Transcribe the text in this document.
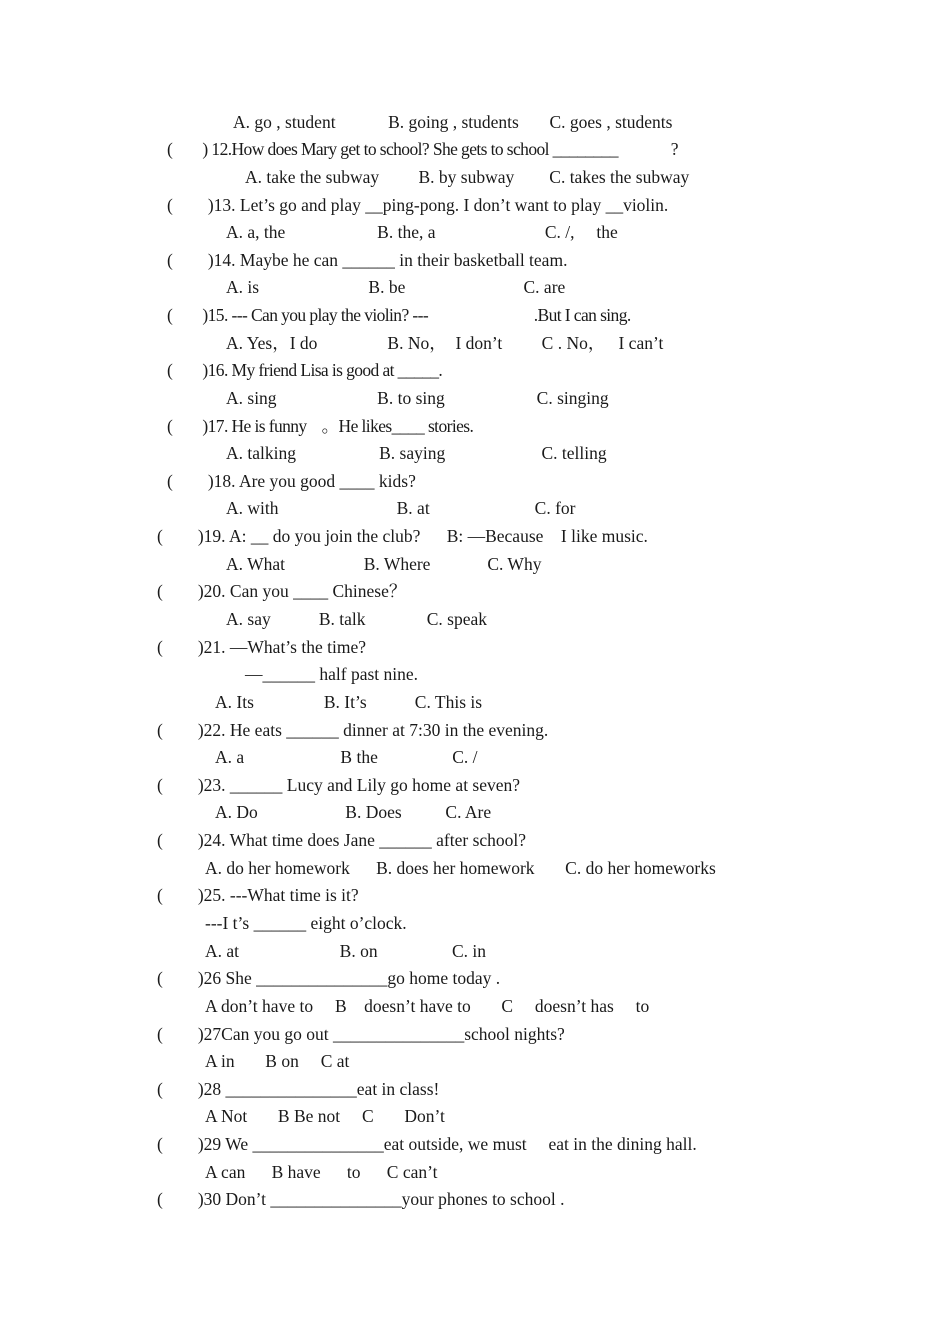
A. go , student            B. going , students       C. goes , students
(        ) 12.How does Mary get to school? She gets to school ________              ?
A. take the subway         B. by subway        C. takes the subway
(        )13. Let’s go and play __ping-pong. I don’t want to play __violin.
A. a, the                     B. the, a                         C. /,     the
(        )14. Maybe he can ______ in their basketball team.
A. is                         B. be                           C. are
(        )15. --- Can you play the violin? ---                            .But I can sing.
A. Yes，I do                B. No，  I don’t         C . No，   I can’t
(        )16. My friend Lisa is good at _____.
A. sing                       B. to sing                     C. singing
(        )17. He is funny    。He likes____ stories.
A. talking                   B. saying                      C. telling
(        )18. Are you good ____ kids?
A. with                           B. at                        C. for
(        )19. A: __ do you join the club?      B: —Because    I like music.
A. What                  B. Where             C. Why
(        )20. Can you ____ Chinese？
A. say           B. talk              C. speak
(        )21. —What’s the time?
—______ half past nine.
A. Its                B. It’s           C. This is
(        )22. He eats ______ dinner at 7:30 in the evening.
A. a                      B the                 C. /
(        )23. ______ Lucy and Lily go home at seven?
A. Do                    B. Does          C. Are
(        )24. What time does Jane ______ after school?
A. do her homework      B. does her homework       C. do her homeworks
(        )25. ---What time is it?
---I t’s ______ eight o’clock.
A. at                       B. on                 C. in
(        )26 She _______________go home today .
A don’t have to     B    doesn’t have to       C     doesn’t has     to
(        )27Can you go out _______________school nights?
A in       B on     C at
(        )28 _______________eat in class!
A Not       B Be not     C       Don’t
(        )29 We _______________eat outside, we must     eat in the dining hall.
A can      B have      to      C can’t
(        )30 Don’t _______________your phones to school .
